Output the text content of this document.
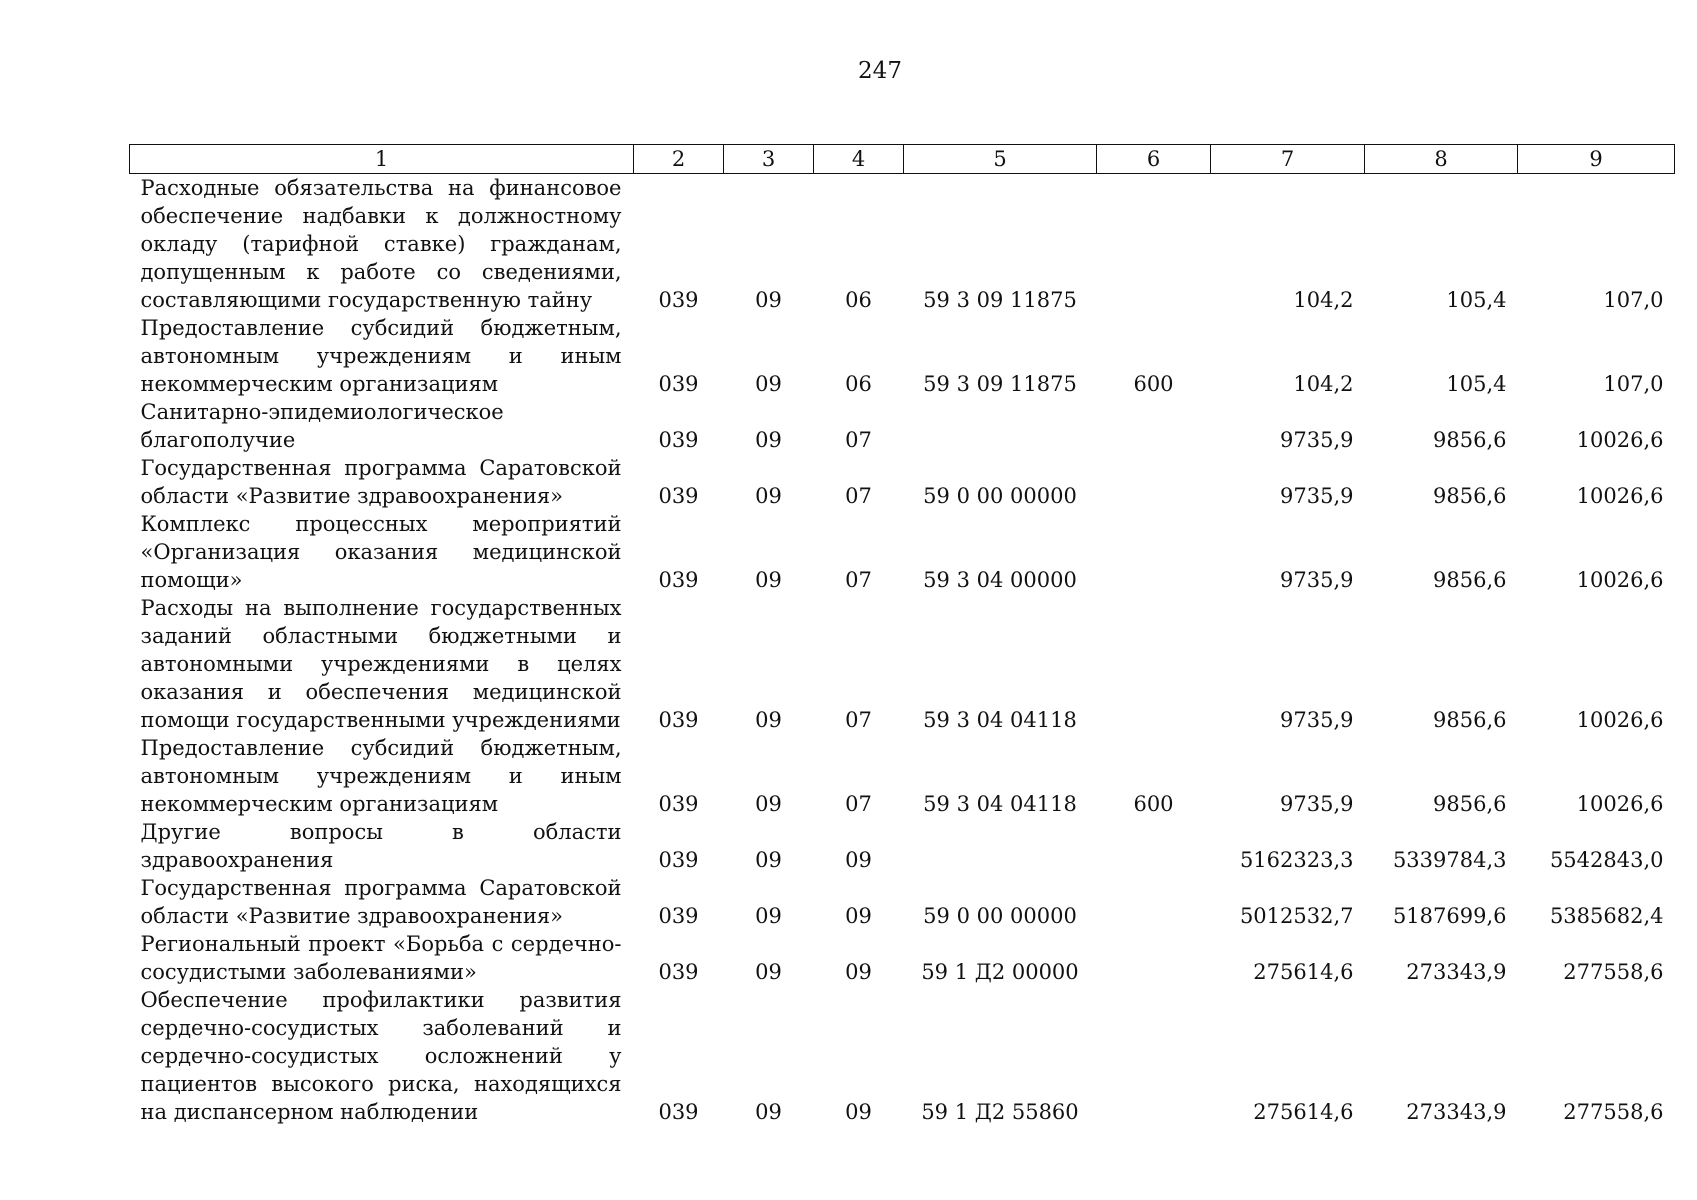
247
1	2	3	4	5	6	7	8	9
Расходные обязательства на финансовое обеспечение надбавки к должностному окладу (тарифной ставке) гражданам, допущенным к работе со сведениями, составляющими государственную тайну	039	09	06	59 3 09 11875		104,2	105,4	107,0
Предоставление субсидий бюджетным, автономным учреждениям и иным некоммерческим организациям	039	09	06	59 3 09 11875	600	104,2	105,4	107,0
Санитарно-эпидемиологическое благополучие	039	09	07			9735,9	9856,6	10026,6
Государственная программа Саратовской области «Развитие здравоохранения»	039	09	07	59 0 00 00000		9735,9	9856,6	10026,6
Комплекс процессных мероприятий «Организация оказания медицинской помощи»	039	09	07	59 3 04 00000		9735,9	9856,6	10026,6
Расходы на выполнение государственных заданий областными бюджетными и автономными учреждениями в целях оказания и обеспечения медицинской помощи государственными учреждениями	039	09	07	59 3 04 04118		9735,9	9856,6	10026,6
Предоставление субсидий бюджетным, автономным учреждениям и иным некоммерческим организациям	039	09	07	59 3 04 04118	600	9735,9	9856,6	10026,6
Другие вопросы в области здравоохранения	039	09	09			5162323,3	5339784,3	5542843,0
Государственная программа Саратовской области «Развитие здравоохранения»	039	09	09	59 0 00 00000		5012532,7	5187699,6	5385682,4
Региональный проект «Борьба с сердечно-сосудистыми заболеваниями»	039	09	09	59 1 Д2 00000		275614,6	273343,9	277558,6
Обеспечение профилактики развития сердечно-сосудистых заболеваний и сердечно-сосудистых осложнений у пациентов высокого риска, находящихся на диспансерном наблюдении	039	09	09	59 1 Д2 55860		275614,6	273343,9	277558,6
